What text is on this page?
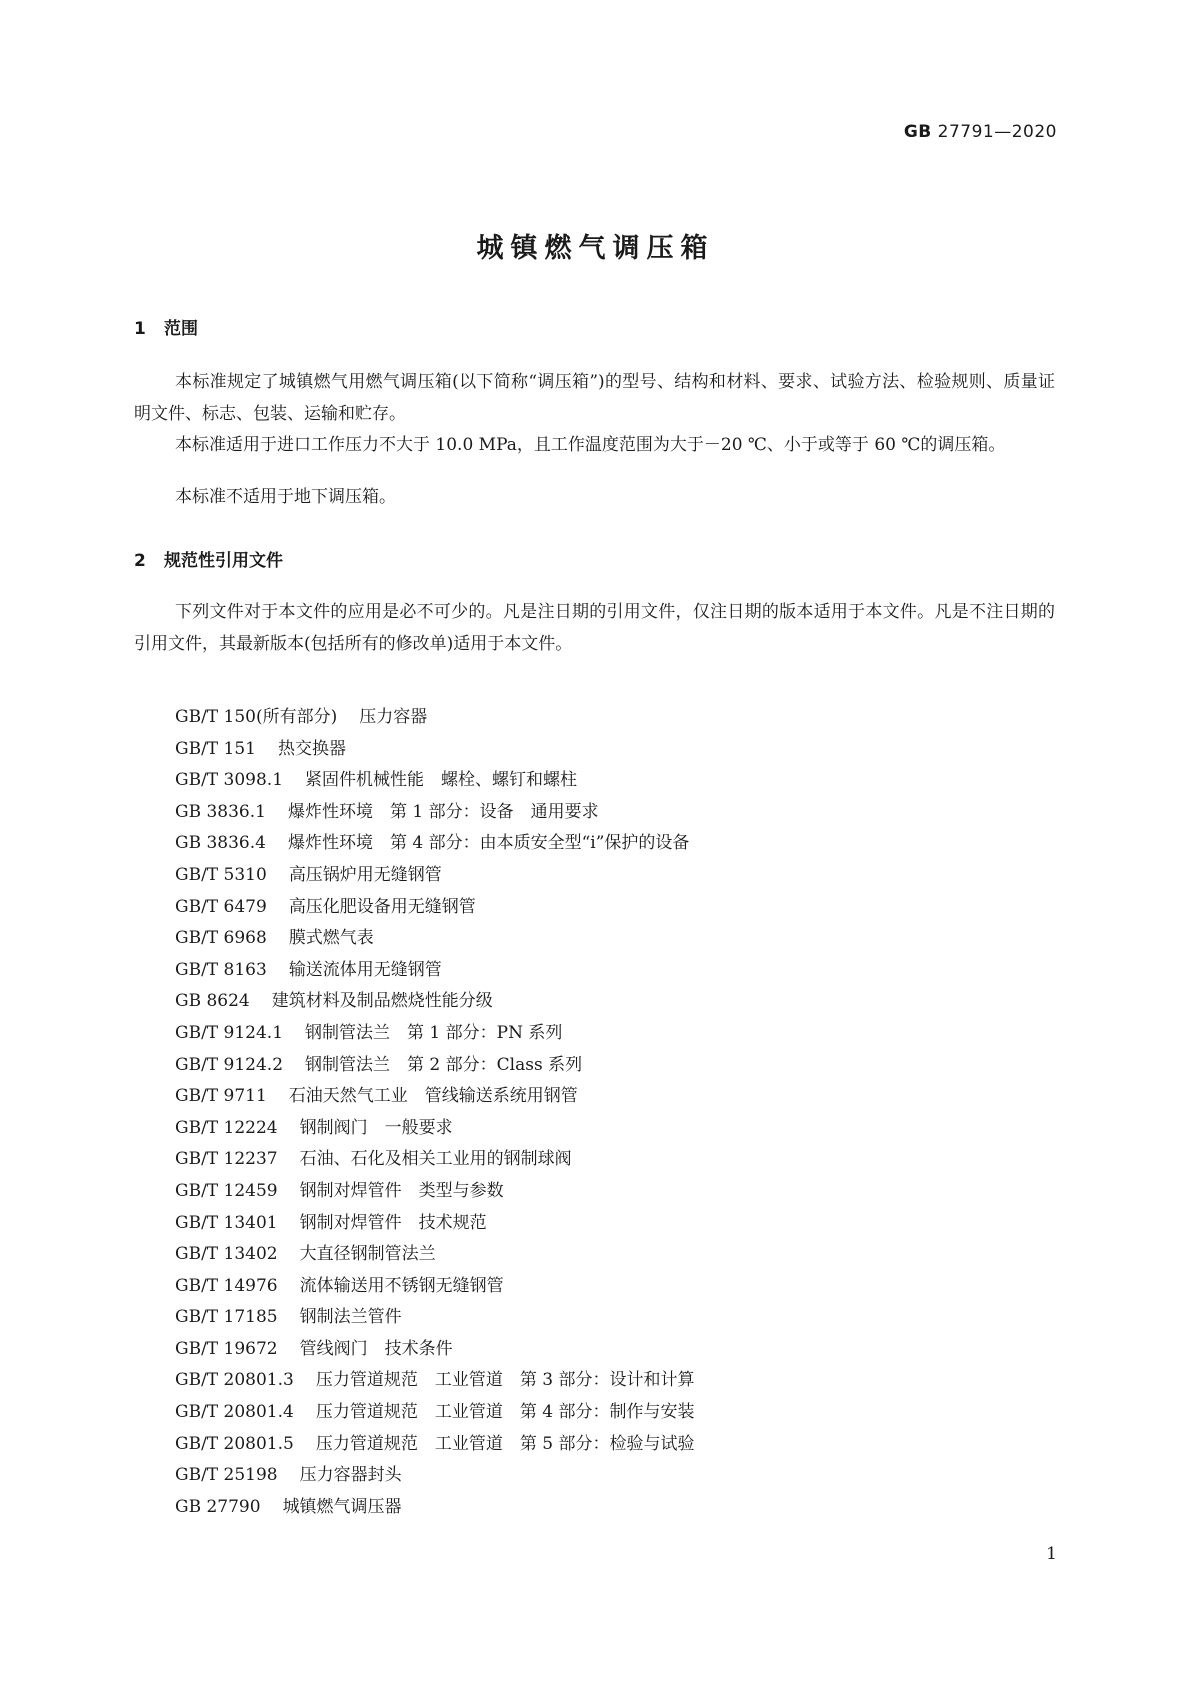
GB 27791—2020
城镇燃气调压箱
1 范围

本标准规定了城镇燃气用燃气调压箱(以下简称“调压箱”)的型号、结构和材料、要求、试验方法、检验规则、质量证明文件、标志、包装、运输和贮存。

本标准适用于进口工作压力不大于 10.0 MPa，且工作温度范围为大于－20 ℃、小于或等于 60 ℃的调压箱。

本标准不适用于地下调压箱。

2 规范性引用文件

下列文件对于本文件的应用是必不可少的。凡是注日期的引用文件，仅注日期的版本适用于本文件。凡是不注日期的引用文件，其最新版本(包括所有的修改单)适用于本文件。

GB/T 150(所有部分) 压力容器
GB/T 151 热交换器
GB/T 3098.1 紧固件机械性能　螺栓、螺钉和螺柱
GB 3836.1 爆炸性环境　第 1 部分：设备　通用要求
GB 3836.4 爆炸性环境　第 4 部分：由本质安全型“i”保护的设备
GB/T 5310 高压锅炉用无缝钢管
GB/T 6479 高压化肥设备用无缝钢管
GB/T 6968 膜式燃气表
GB/T 8163 输送流体用无缝钢管
GB 8624 建筑材料及制品燃烧性能分级
GB/T 9124.1 钢制管法兰　第 1 部分：PN 系列
GB/T 9124.2 钢制管法兰　第 2 部分：Class 系列
GB/T 9711 石油天然气工业　管线输送系统用钢管
GB/T 12224 钢制阀门　一般要求
GB/T 12237 石油、石化及相关工业用的钢制球阀
GB/T 12459 钢制对焊管件　类型与参数
GB/T 13401 钢制对焊管件　技术规范
GB/T 13402 大直径钢制管法兰
GB/T 14976 流体输送用不锈钢无缝钢管
GB/T 17185 钢制法兰管件
GB/T 19672 管线阀门　技术条件
GB/T 20801.3 压力管道规范　工业管道　第 3 部分：设计和计算
GB/T 20801.4 压力管道规范　工业管道　第 4 部分：制作与安装
GB/T 20801.5 压力管道规范　工业管道　第 5 部分：检验与试验
GB/T 25198 压力容器封头
GB 27790 城镇燃气调压器
1
